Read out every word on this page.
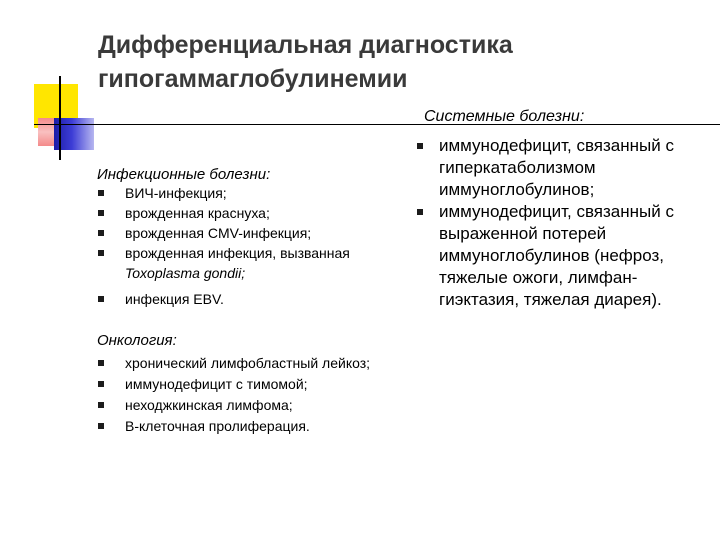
Дифференциальная диагностика
гипогаммаглобулинемии
Инфекционные болезни:
ВИЧ-инфекция;
врожденная краснуха;
врожденная CMV-инфекция;
врожденная инфекция, вызванная
Toxoplasma gondii;
инфекция EBV.
Онкология:
хронический лимфобластный лейкоз;
иммунодефицит с тимомой;
неходжкинская лимфома;
В-клеточная пролиферация.
Системные болезни:
иммунодефицит, связанный с гиперкатаболизмом иммуноглобулинов;
иммунодефицит, связанный с выраженной потерей иммуноглобулинов (нефроз, тяжелые ожоги, лимфан-гиэктазия, тяжелая диарея).
